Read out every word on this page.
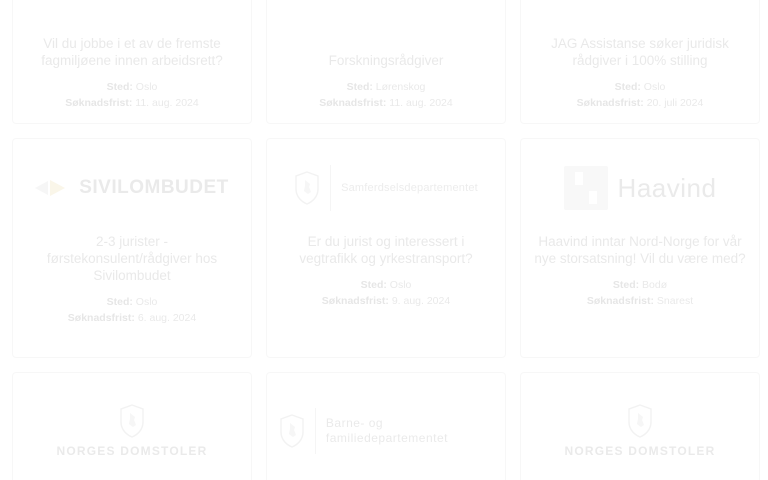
Vil du jobbe i et av de fremste fagmiljøene innen arbeidsrett?
Sted: Oslo
Søknadsfrist: 11. aug. 2024
Forskningsrådgiver
Sted: Lørenskog
Søknadsfrist: 11. aug. 2024
JAG Assistanse søker juridisk rådgiver i 100% stilling
Sted: Oslo
Søknadsfrist: 20. juli 2024
SIVILOMBUDET
2-3 jurister - førstekonsulent/rådgiver hos Sivilombudet
Sted: Oslo
Søknadsfrist: 6. aug. 2024
Samferdselsdepartementet
Er du jurist og interessert i vegtrafikk og yrkestransport?
Sted: Oslo
Søknadsfrist: 9. aug. 2024
Haavind
Haavind inntar Nord-Norge for vår nye storsatsning! Vil du være med?
Sted: Bodø
Søknadsfrist: Snarest
NORGES DOMSTOLER
Barne- og familiedepartementet
NORGES DOMSTOLER
